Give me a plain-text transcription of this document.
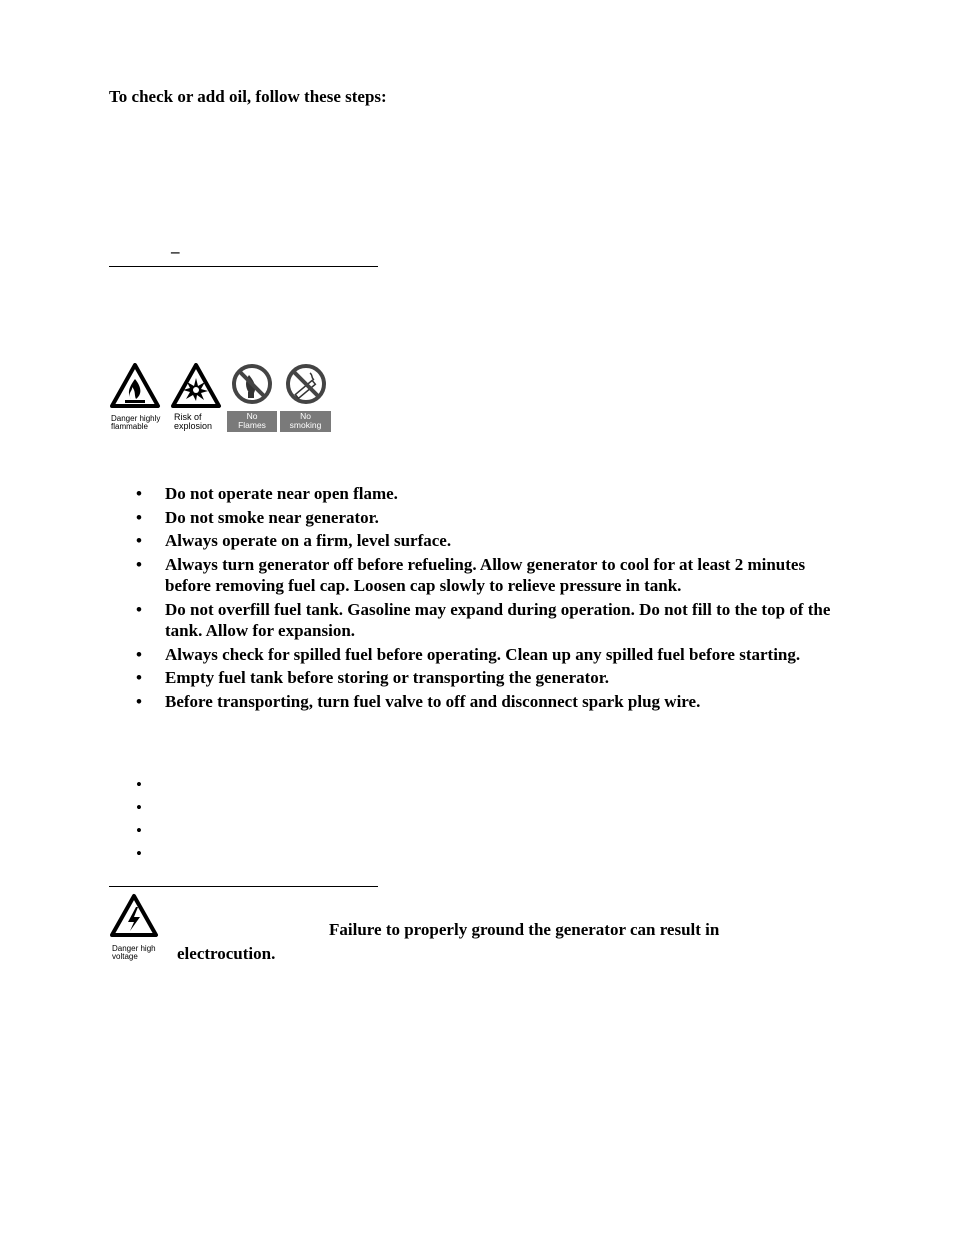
To check or add oil, follow these steps:
–
Danger highly
flammable
Risk of
explosion
No
Flames
No
smoking
• Do not operate near open flame.
• Do not smoke near generator.
• Always operate on a firm, level surface.
• Always turn generator off before refueling. Allow generator to cool for at least 2 minutes before removing fuel cap. Loosen cap slowly to relieve pressure in tank.
• Do not overfill fuel tank. Gasoline may expand during operation. Do not fill to the top of the tank. Allow for expansion.
• Always check for spilled fuel before operating. Clean up any spilled fuel before starting.
• Empty fuel tank before storing or transporting the generator.
• Before transporting, turn fuel valve to off and disconnect spark plug wire.
•
•
•
•
Danger high
voltage
Failure to properly ground the generator can result in
electrocution.
